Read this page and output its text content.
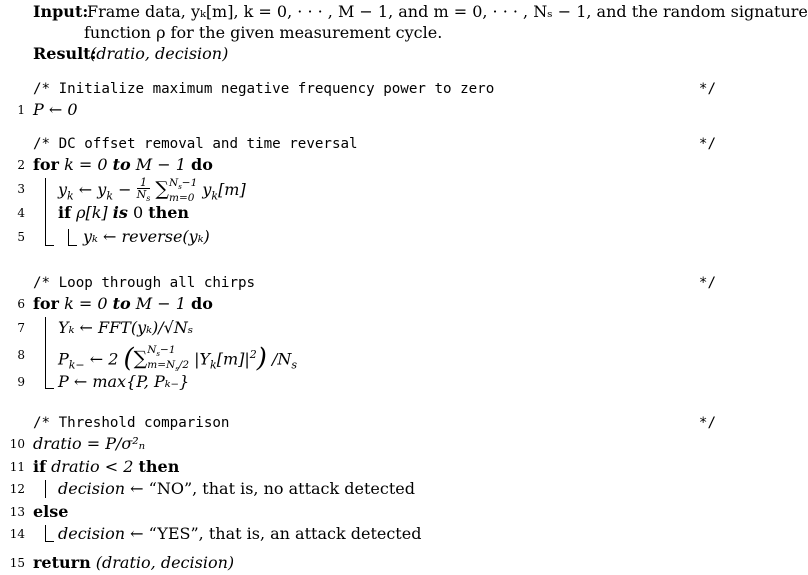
Input:
Frame data, yₖ[m], k = 0, · · · , M − 1, and m = 0, · · · , Nₛ − 1, and the random signature
function ρ for the given measurement cycle.
Result:
(dratio, decision)
/* Initialize maximum negative frequency power to zero	*/
1 P ← 0
/* DC offset removal and time reversal	*/
2 for k = 0 to M − 1 do
3 $y_k$ ← $y_k - \frac{1}{N_s}$ ∑ $N_s-1$
m=0 $y_k[m]$
4 if ρ[k] is 0 then
5	yₖ ← reverse(yₖ)
/* Loop through all chirps	*/
6 for k = 0 to M − 1 do
7 Yₖ ← FFT(yₖ)/√Nₛ
8 $P_{k-}$ ← 2 (∑ $N_s-1$
$m=N_s/2$ $|Y_k[m]|^2$) $/N_s$
9 P ← max{P, Pₖ₋}
/* Threshold comparison	*/
10 dratio = P/σ²ₙ
11 if dratio < 2 then
12 decision ← “NO”, that is, no attack detected
13 else
14 decision ← “YES”, that is, an attack detected
15 return (dratio, decision)
